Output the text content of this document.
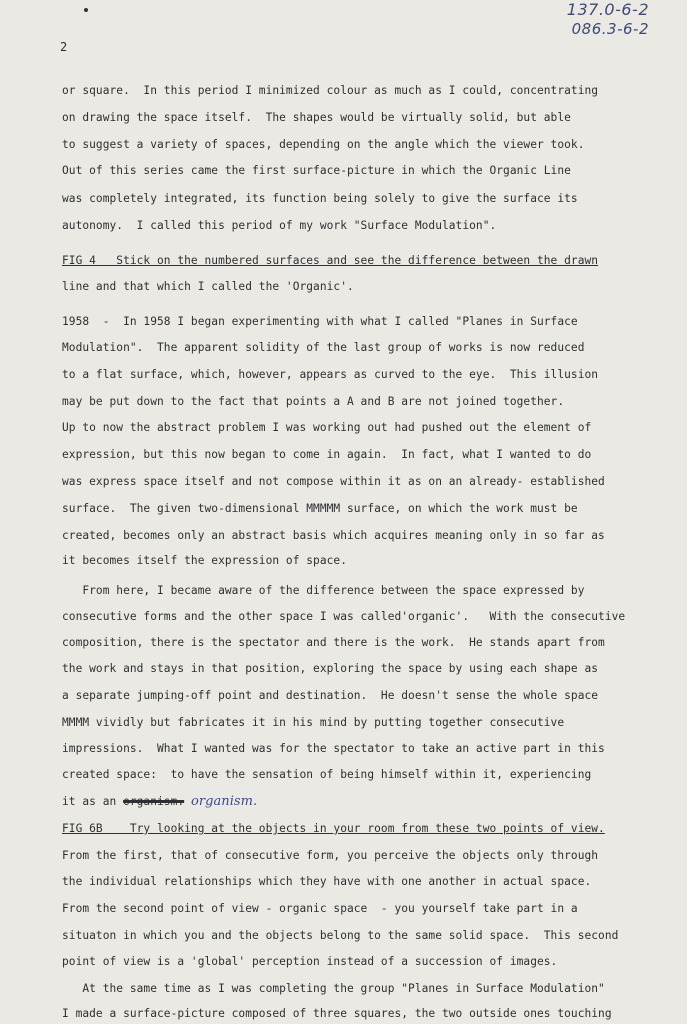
137.0-6-2
086.3-6-2
2
or square.  In this period I minimized colour as much as I could, concentrating
on drawing the space itself.  The shapes would be virtually solid, but able
to suggest a variety of spaces, depending on the angle which the viewer took.
Out of this series came the first surface-picture in which the Organic Line
was completely integrated, its function being solely to give the surface its
autonomy.  I called this period of my work "Surface Modulation".
FIG 4   Stick on the numbered surfaces and see the difference between the drawn
line and that which I called the 'Organic'.
1958  -  In 1958 I began experimenting with what I called "Planes in Surface
Modulation".  The apparent solidity of the last group of works is now reduced
to a flat surface, which, however, appears as curved to the eye.  This illusion
may be put down to the fact that points a A and B are not joined together.
Up to now the abstract problem I was working out had pushed out the element of
expression, but this now began to come in again.  In fact, what I wanted to do
was express space itself and not compose within it as on an already- established
surface.  The given two-dimensional MMMMM surface, on which the work must be
created, becomes only an abstract basis which acquires meaning only in so far as
it becomes itself the expression of space.
From here, I became aware of the difference between the space expressed by
consecutive forms and the other space I was called'organic'.   With the consecutive
composition, there is the spectator and there is the work.  He stands apart from
the work and stays in that position, exploring the space by using each shape as
a separate jumping-off point and destination.  He doesn't sense the whole space
MMMM vividly but fabricates it in his mind by putting together consecutive
impressions.  What I wanted was for the spectator to take an active part in this
created space:  to have the sensation of being himself within it, experiencing
it as an organism. organism.
FIG 6B    Try looking at the objects in your room from these two points of view.
From the first, that of consecutive form, you perceive the objects only through
the individual relationships which they have with one another in actual space.
From the second point of view - organic space  - you yourself take part in a
situaton in which you and the objects belong to the same solid space.  This second
point of view is a 'global' perception instead of a succession of images.
At the same time as I was completing the group "Planes in Surface Modulation"
I made a surface-picture composed of three squares, the two outside ones touching
